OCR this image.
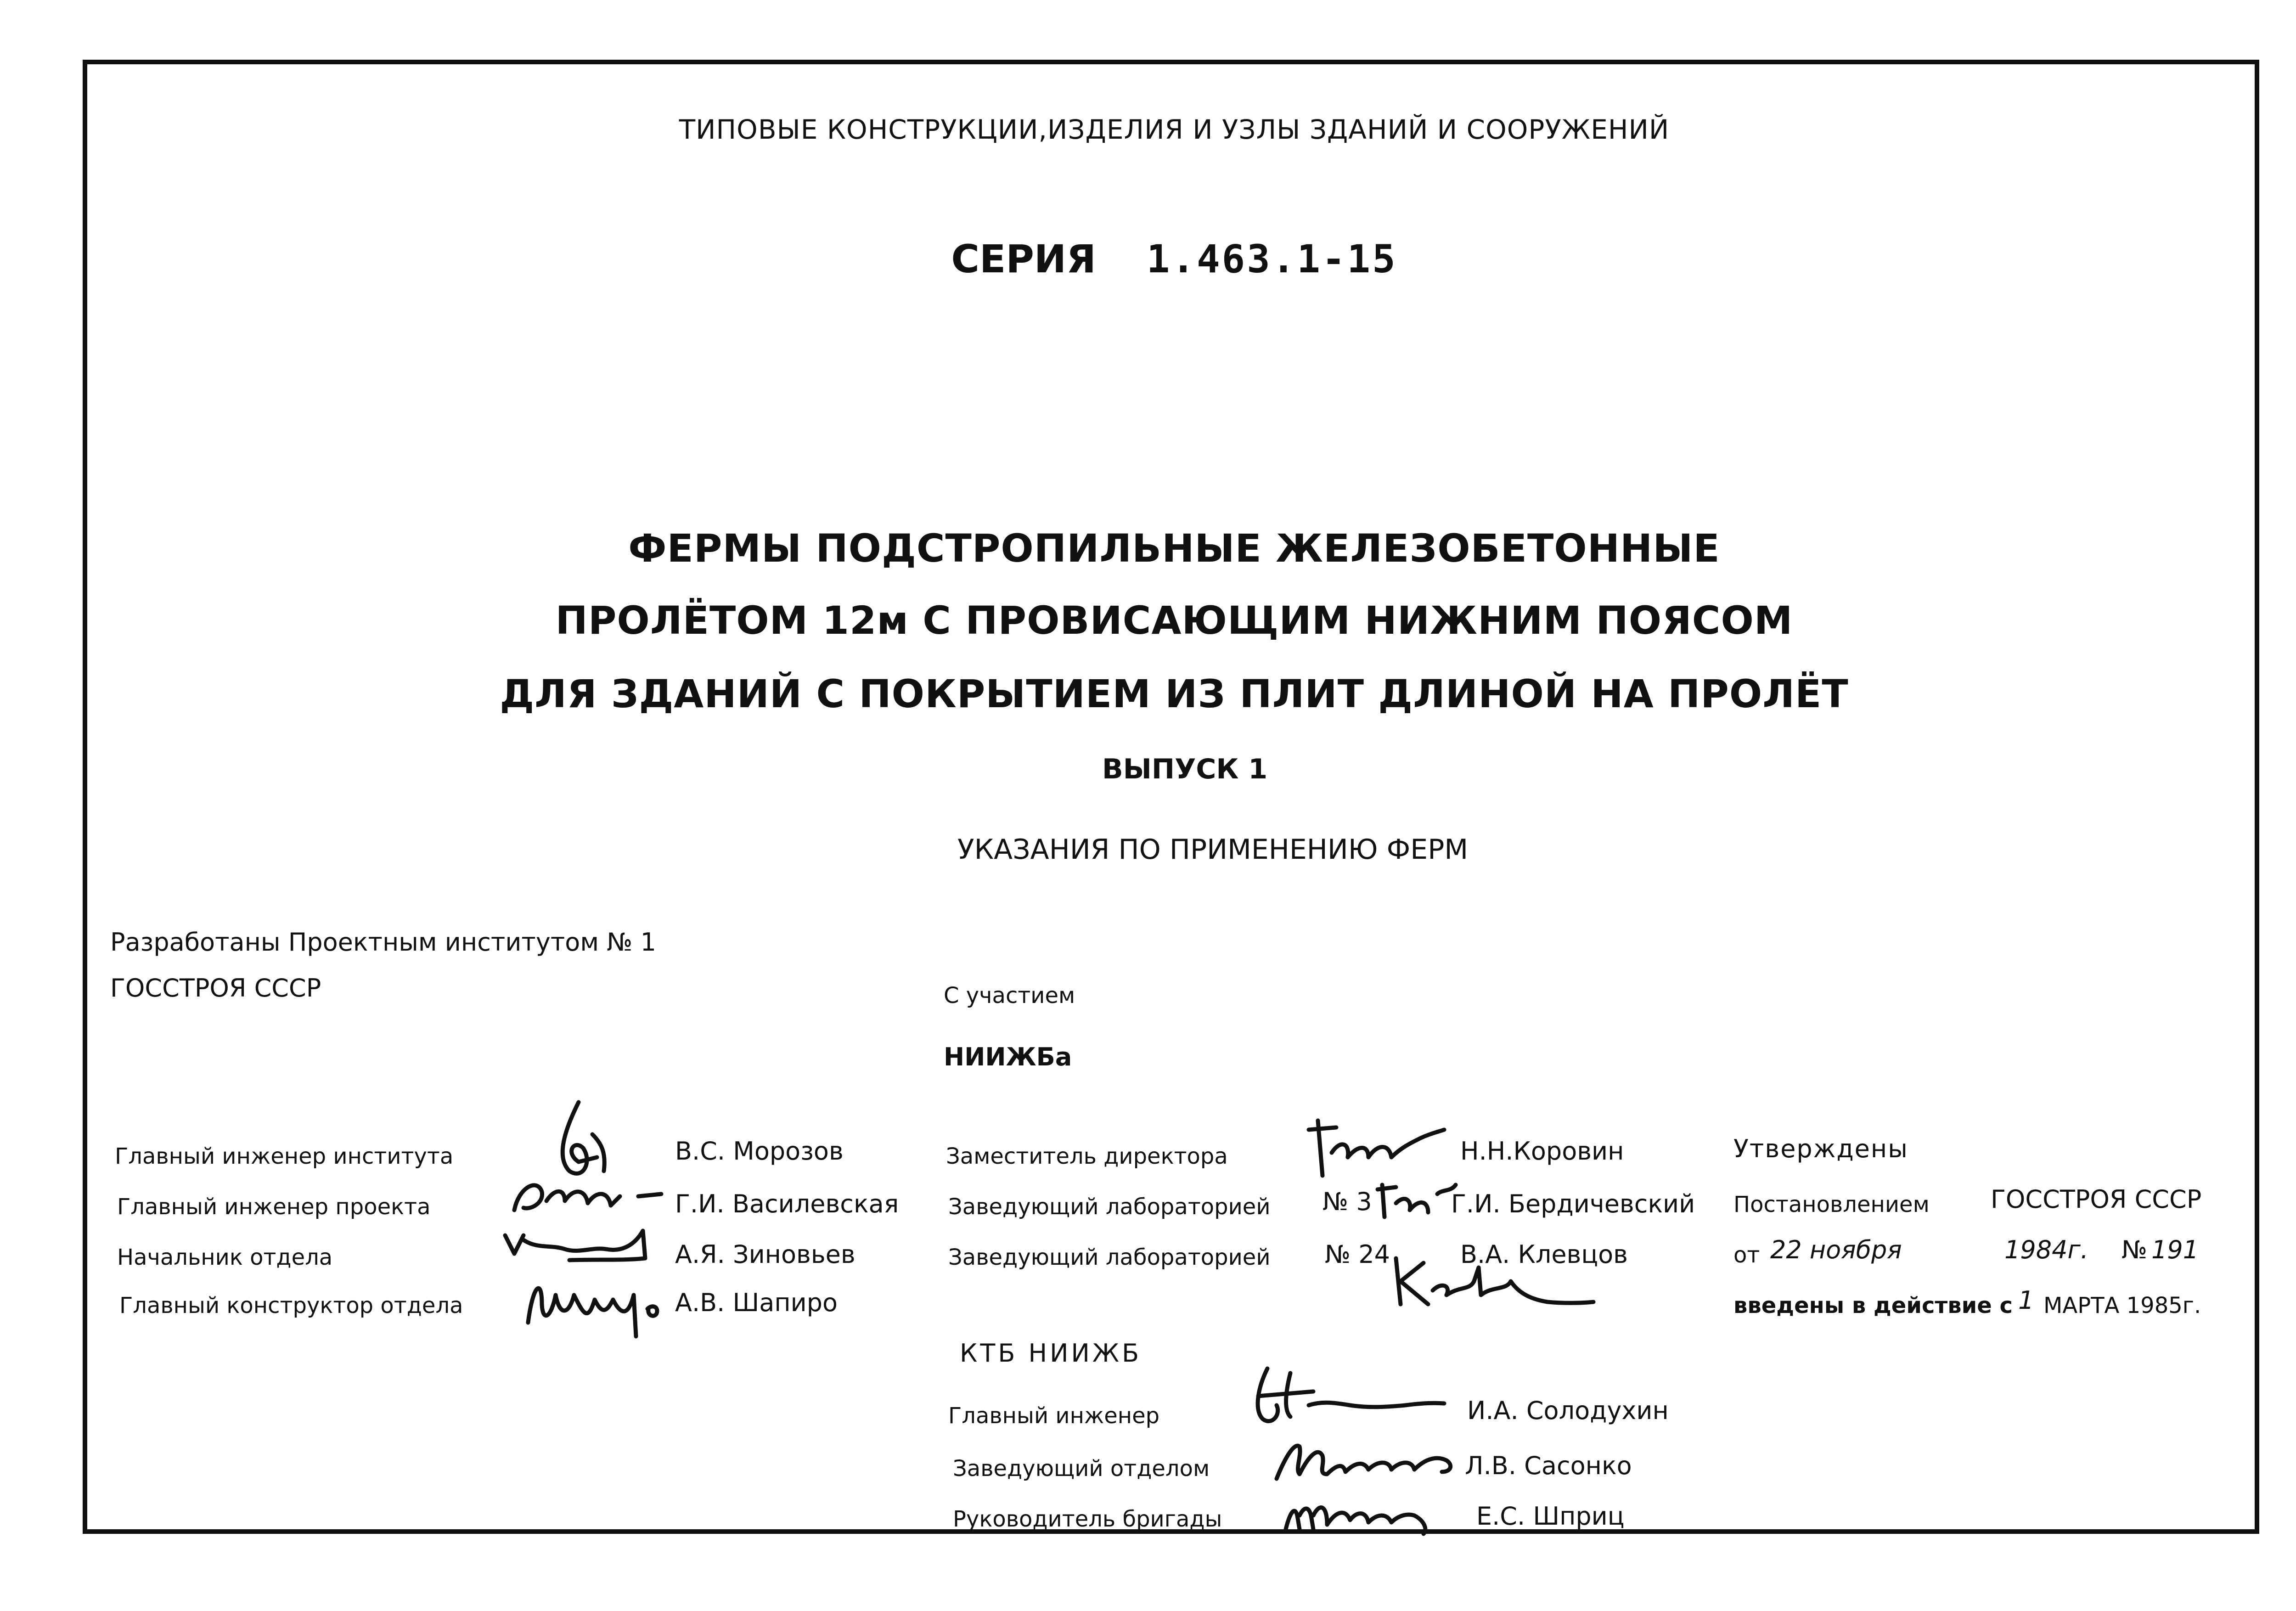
ТИПОВЫЕ КОНСТРУКЦИИ,ИЗДЕЛИЯ И УЗЛЫ ЗДАНИЙ И СООРУЖЕНИЙ
СЕРИЯ 1.463.1-15
ФЕРМЫ ПОДСТРОПИЛЬНЫЕ ЖЕЛЕЗОБЕТОННЫЕ
ПРОЛЁТОМ 12м С ПРОВИСАЮЩИМ НИЖНИМ ПОЯСОМ
ДЛЯ ЗДАНИЙ С ПОКРЫТИЕМ ИЗ ПЛИТ ДЛИНОЙ НА ПРОЛЁТ
ВЫПУСК 1
УКАЗАНИЯ ПО ПРИМЕНЕНИЮ ФЕРМ
Разработаны Проектным институтом № 1
ГОССТРОЯ СССР	С участием
НИИЖБа
Главный инженер института	В.С. Морозов
Главный инженер проекта	Г.И. Василевская
Начальник отдела	А.Я. Зиновьев
Главный конструктор отдела	А.В. Шапиро
Заместитель директора	Н.Н.Коровин
Заведующий лабораторией № 3	Г.И. Бердичевский
Заведующий лабораторией № 24	В.А. Клевцов
КТБ НИИЖБ
Главный инженер	И.А. Солодухин
Заведующий отделом	Л.В. Сасонко
Руководитель бригады	Е.С. Шприц
Утверждены
Постановлением ГОССТРОЯ СССР
от 22 ноября	1984г. № 191
введены в действие с 1 МАРТА 1985г.
